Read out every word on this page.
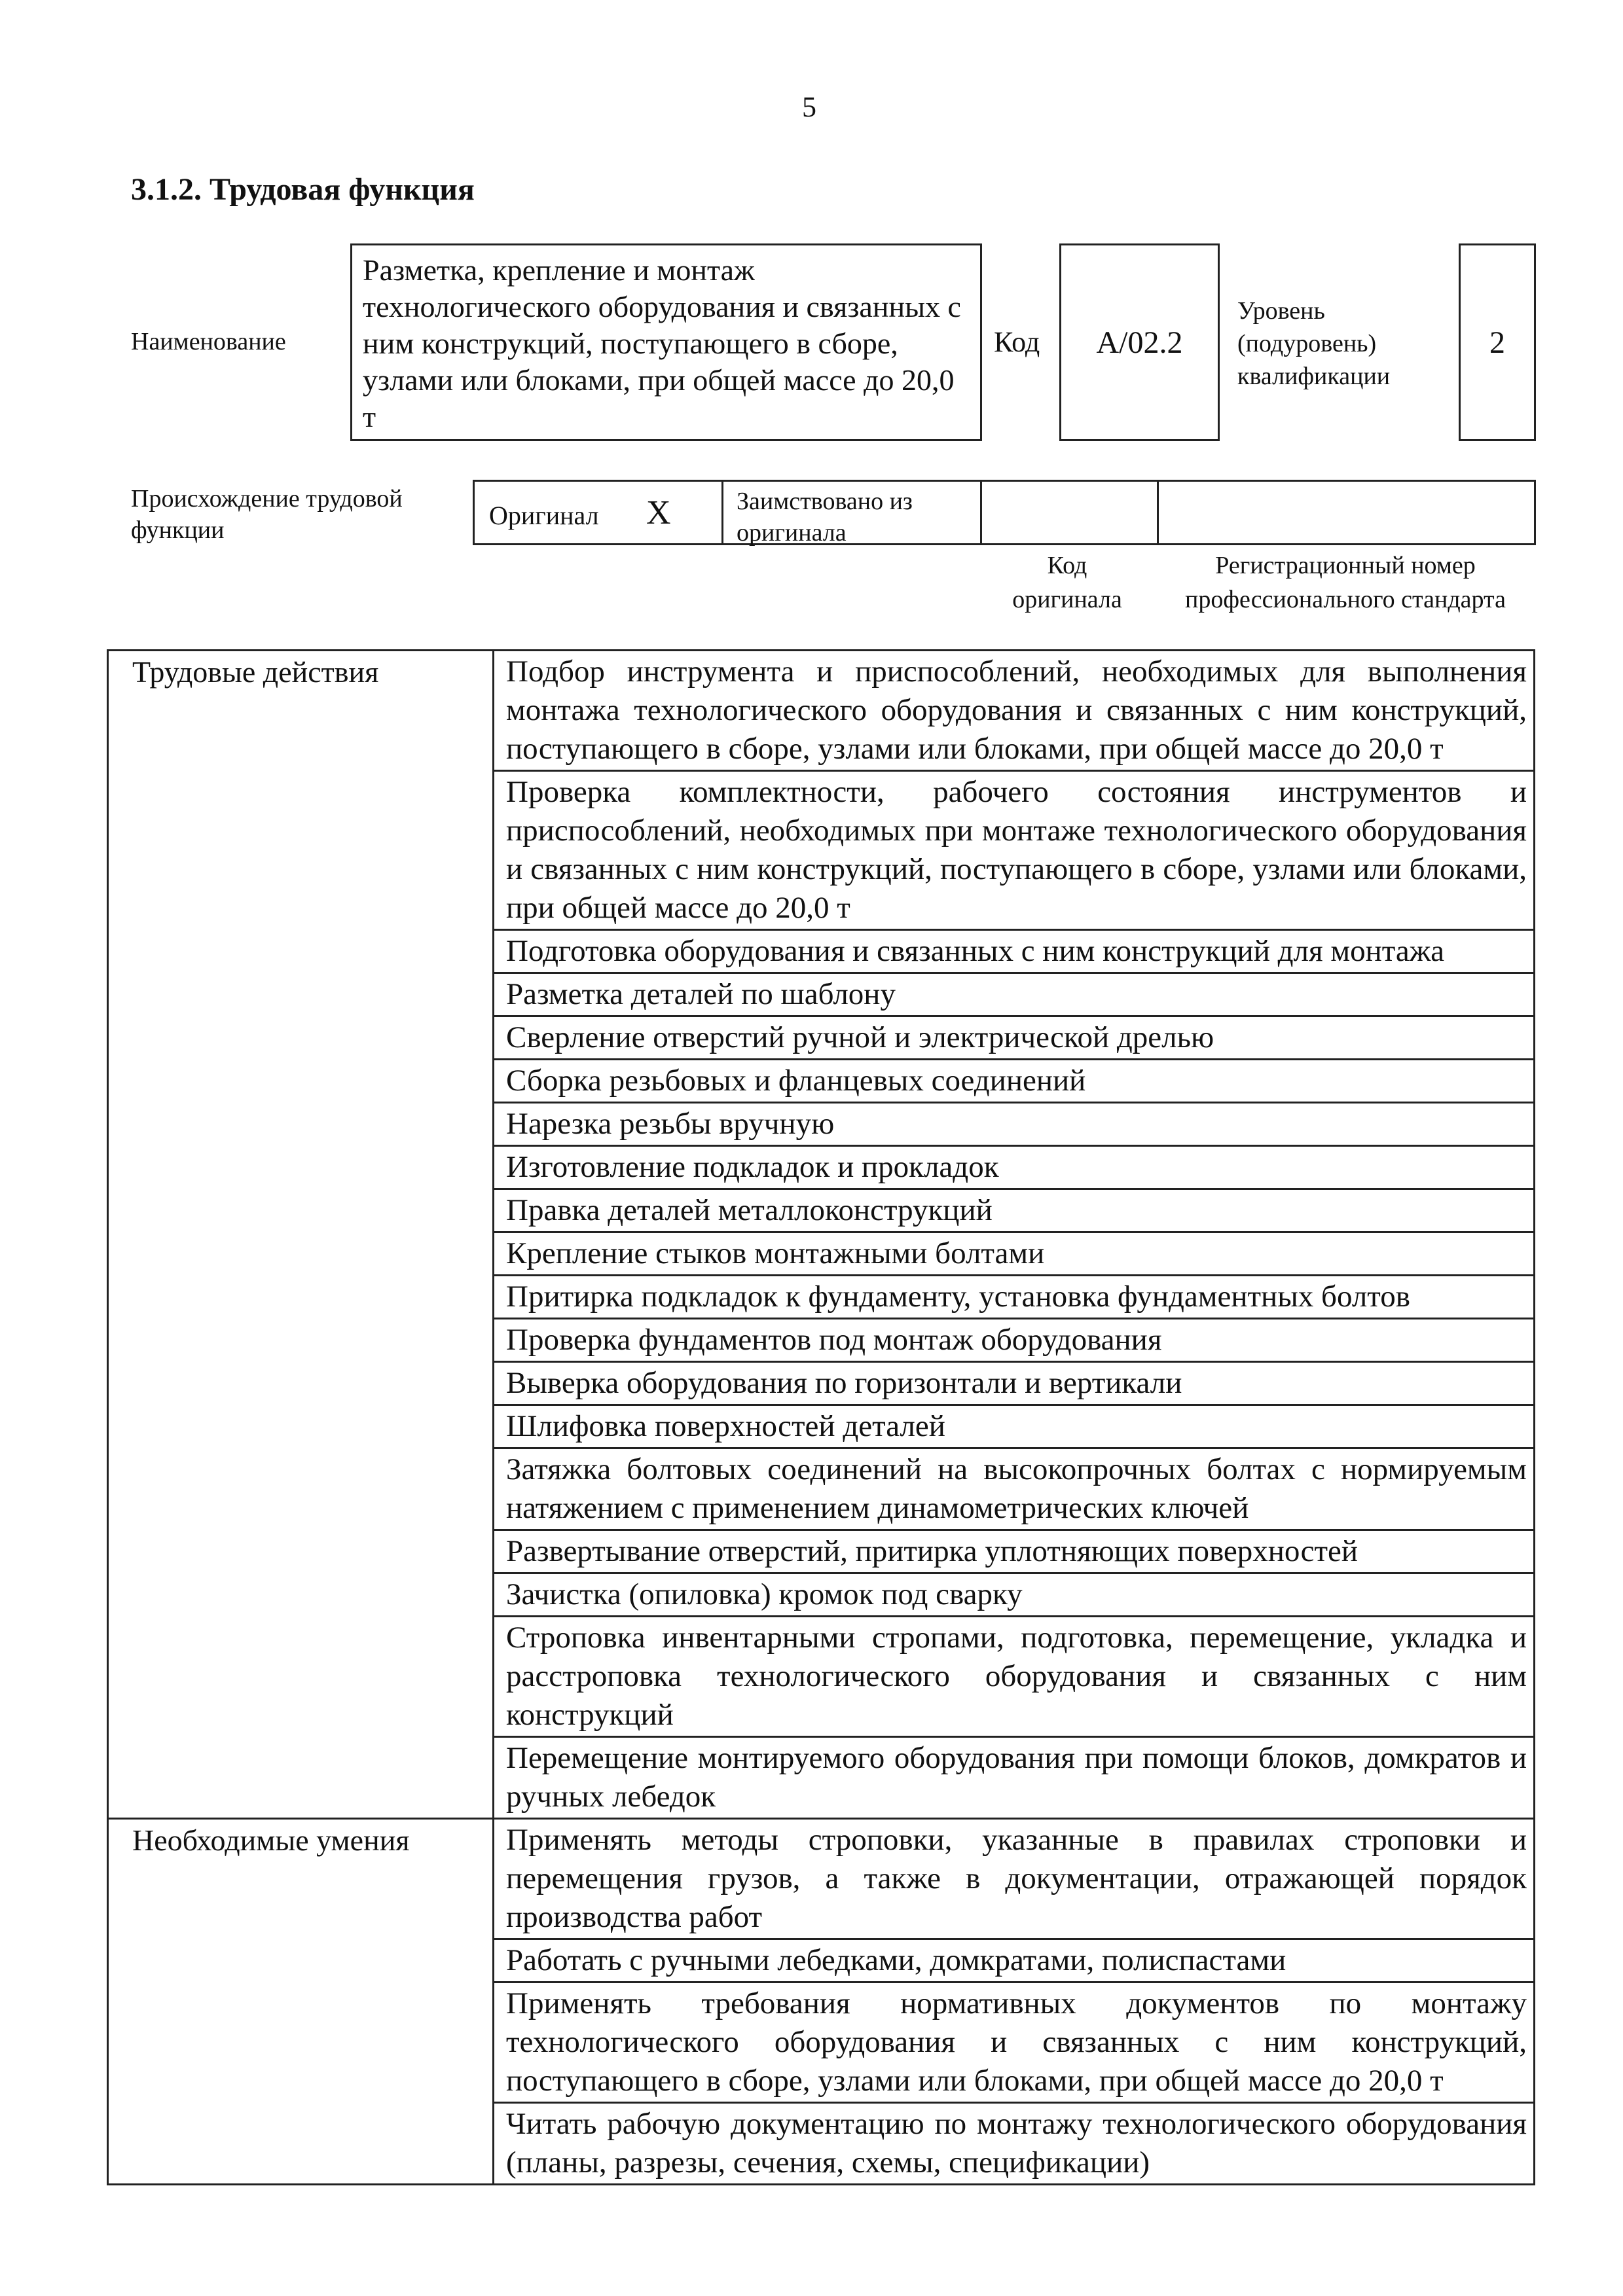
5
3.1.2. Трудовая функция
Наименование
Разметка, крепление и монтаж технологического оборудования и связанных с ним конструкций, поступающего в сборе, узлами или блоками, при общей массе до 20,0 т
Код А/02.2
Уровень (подуровень) квалификации
2
Происхождение трудовой функции	Оригинал X	Заимствовано из оригинала
Код оригинала
Регистрационный номер профессионального стандарта
Трудовые действия	Подбор инструмента и приспособлений, необходимых для выполнения монтажа технологического оборудования и связанных с ним конструкций, поступающего в сборе, узлами или блоками, при общей массе до 20,0 т
	Проверка комплектности, рабочего состояния инструментов и приспособлений, необходимых при монтаже технологического оборудования и связанных с ним конструкций, поступающего в сборе, узлами или блоками, при общей массе до 20,0 т
	Подготовка оборудования и связанных с ним конструкций для монтажа
	Разметка деталей по шаблону
	Сверление отверстий ручной и электрической дрелью
	Сборка резьбовых и фланцевых соединений
	Нарезка резьбы вручную
	Изготовление подкладок и прокладок
	Правка деталей металлоконструкций
	Крепление стыков монтажными болтами
	Притирка подкладок к фундаменту, установка фундаментных болтов
	Проверка фундаментов под монтаж оборудования
	Выверка оборудования по горизонтали и вертикали
	Шлифовка поверхностей деталей
	Затяжка болтовых соединений на высокопрочных болтах с нормируемым натяжением с применением динамометрических ключей
	Развертывание отверстий, притирка уплотняющих поверхностей
	Зачистка (опиловка) кромок под сварку
	Строповка инвентарными стропами, подготовка, перемещение, укладка и расстроповка технологического оборудования и связанных с ним конструкций
	Перемещение монтируемого оборудования при помощи блоков, домкратов и ручных лебедок
Необходимые умения	Применять методы строповки, указанные в правилах строповки и перемещения грузов, а также в документации, отражающей порядок производства работ
	Работать с ручными лебедками, домкратами, полиспастами
	Применять требования нормативных документов по монтажу технологического оборудования и связанных с ним конструкций, поступающего в сборе, узлами или блоками, при общей массе до 20,0 т
	Читать рабочую документацию по монтажу технологического оборудования (планы, разрезы, сечения, схемы, спецификации)
